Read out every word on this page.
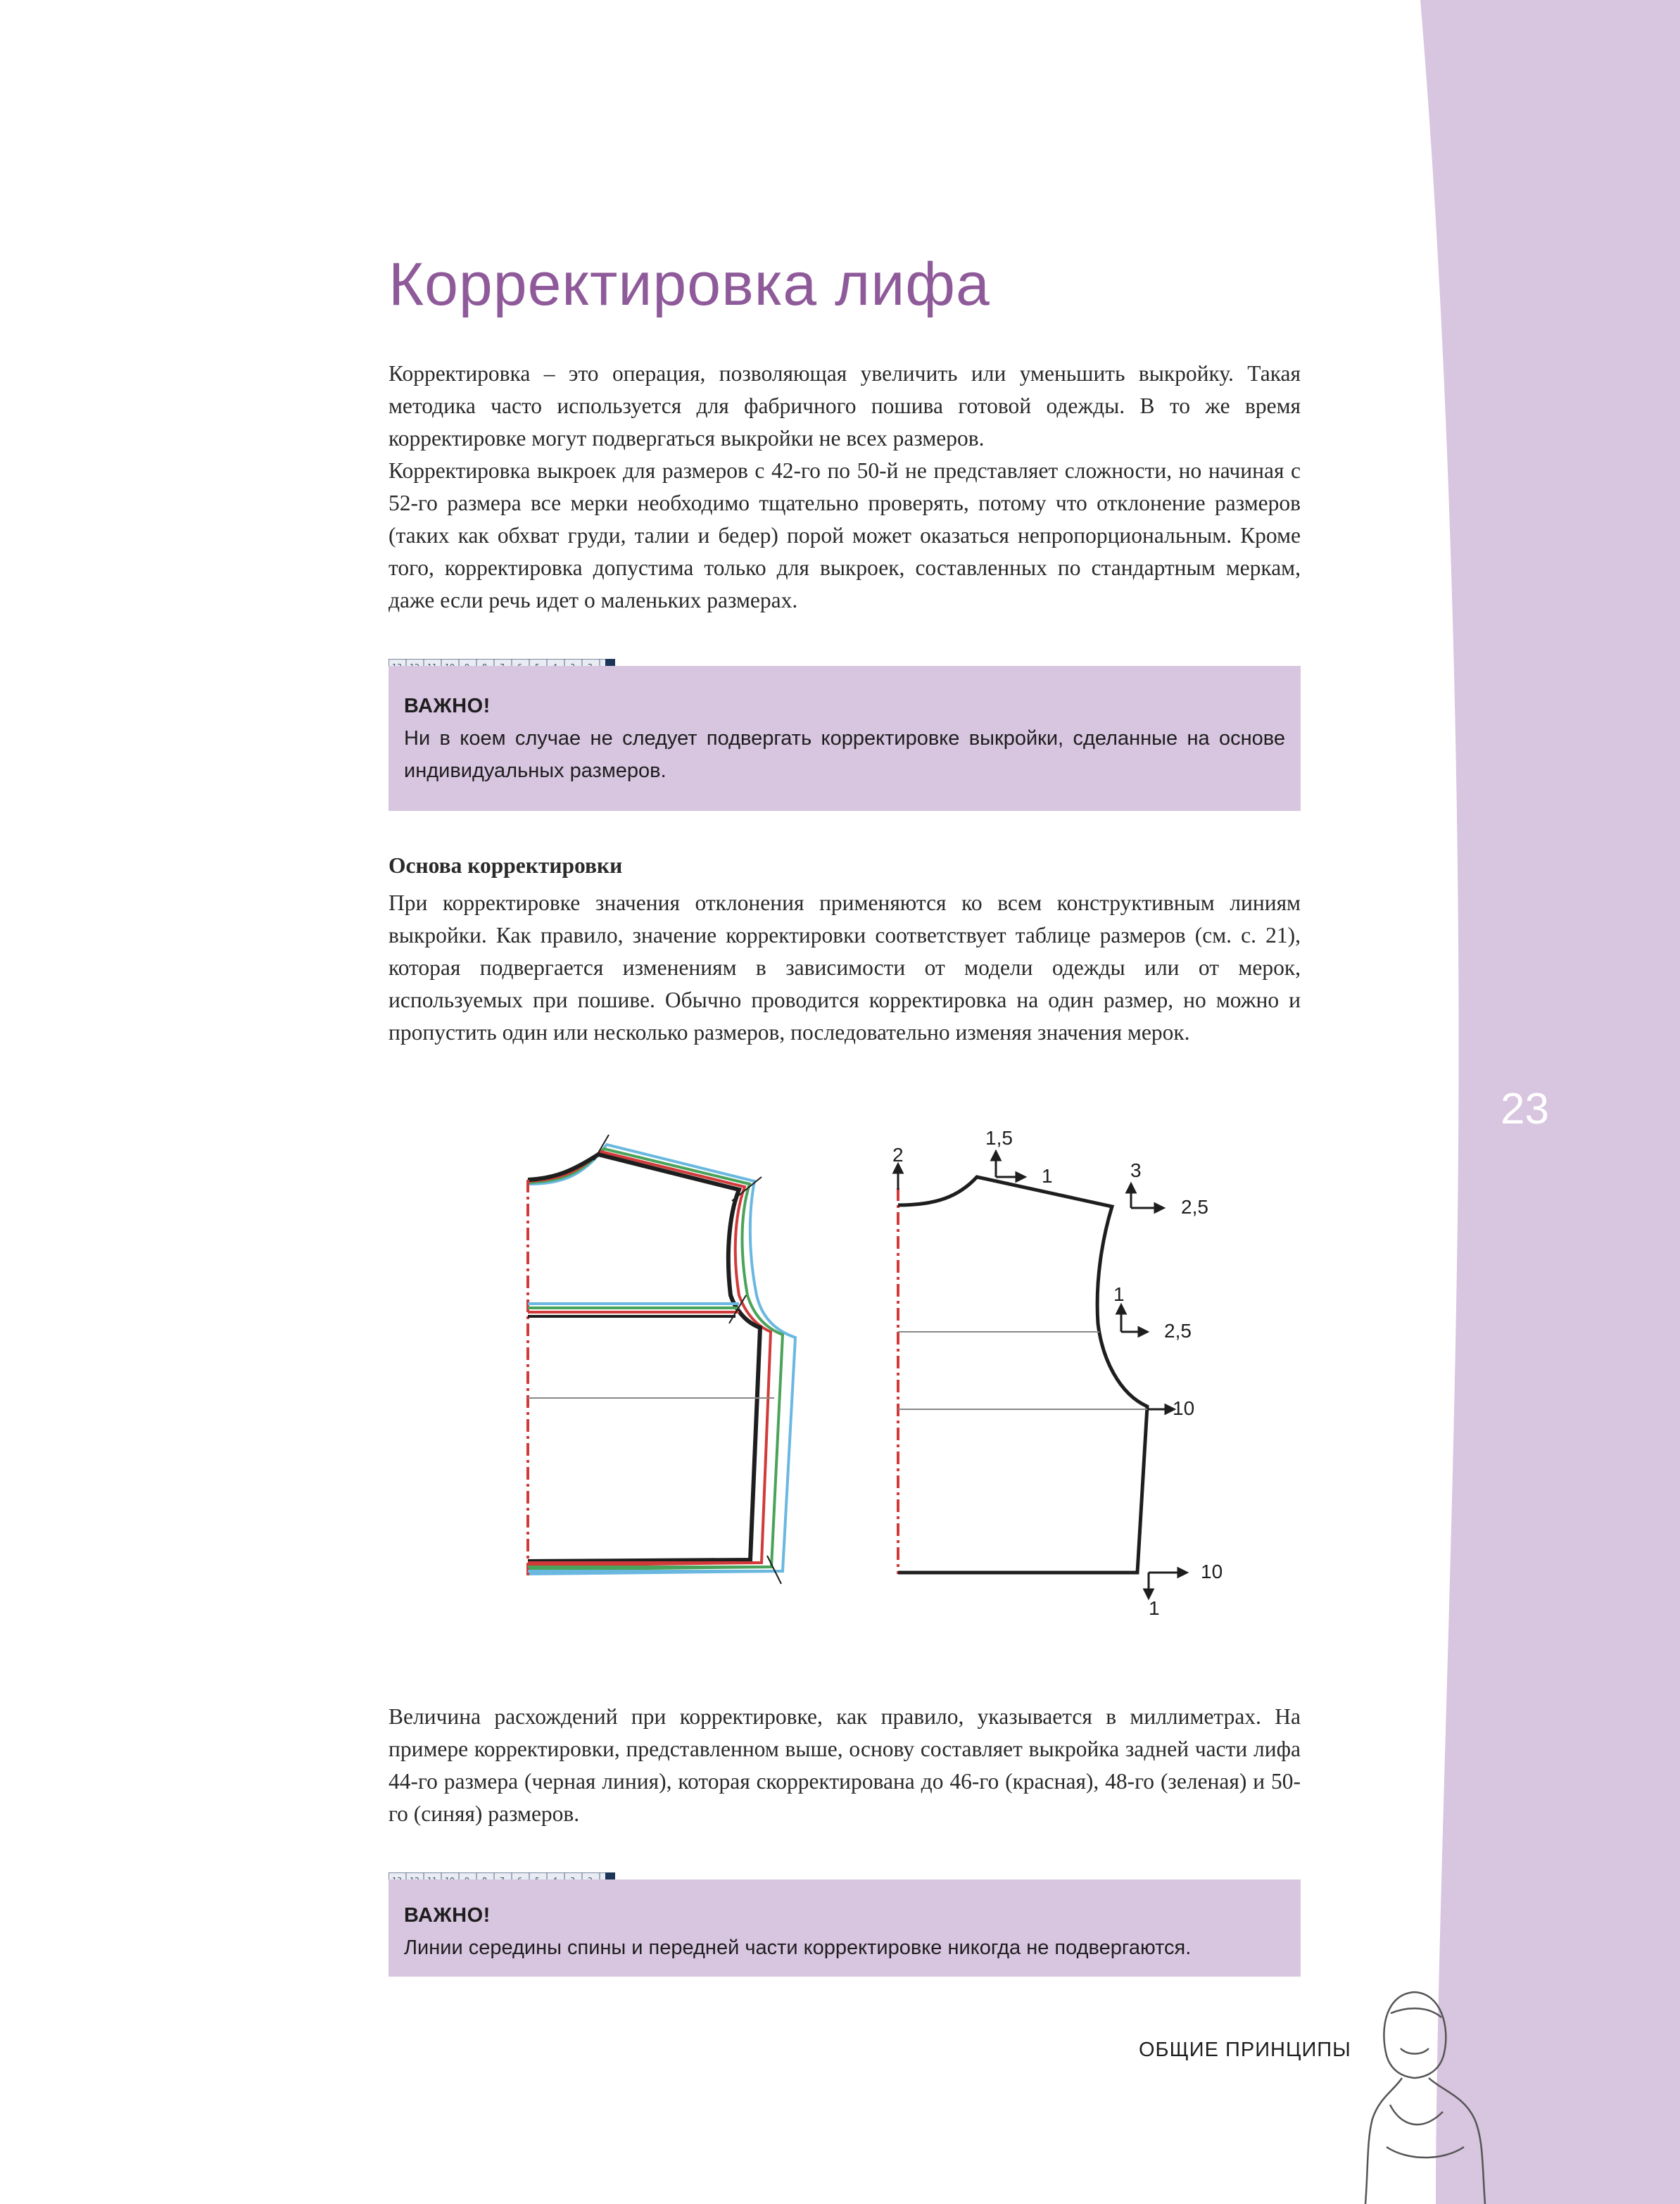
23
Корректировка лифа

Корректировка – это операция, позволяющая увеличить или уменьшить выкройку. Такая методика часто используется для фабричного пошива готовой одежды. В то же время корректировке могут подвергаться выкройки не всех размеров.

Корректировка выкроек для размеров с 42-го по 50-й не представляет сложности, но начиная с 52-го размера все мерки необходимо тщательно проверять, потому что отклонение размеров (таких как обхват груди, талии и бедер) порой может оказаться непропорциональным. Кроме того, корректировка допустима только для выкроек, составленных по стандартным меркам, даже если речь идет о маленьких размерах.

ВАЖНО!
Ни в коем случае не следует подвергать корректировке выкройки, сделанные на основе индивидуальных размеров.
Основа корректировки
При корректировке значения отклонения применяются ко всем конструктивным линиям выкройки. Как правило, значение корректировки соответствует таблице размеров (см. с. 21), которая подвергается изменениям в зависимости от модели одежды или от мерок, используемых при пошиве. Обычно проводится корректировка на один размер, но можно и пропустить один или несколько размеров, последовательно изменяя значения мерок.
2
1,5
1	3
2,5
1
2,5
10
10
1
Величина расхождений при корректировке, как правило, указывается в миллиметрах. На примере корректировки, представленном выше, основу составляет выкройка задней части лифа 44-го размера (черная линия), которая скорректирована до 46-го (красная), 48-го (зеленая) и 50-го (синяя) размеров.
ВАЖНО!
Линии середины спины и передней части корректировке никогда не подвергаются.
ОБЩИЕ ПРИНЦИПЫ
